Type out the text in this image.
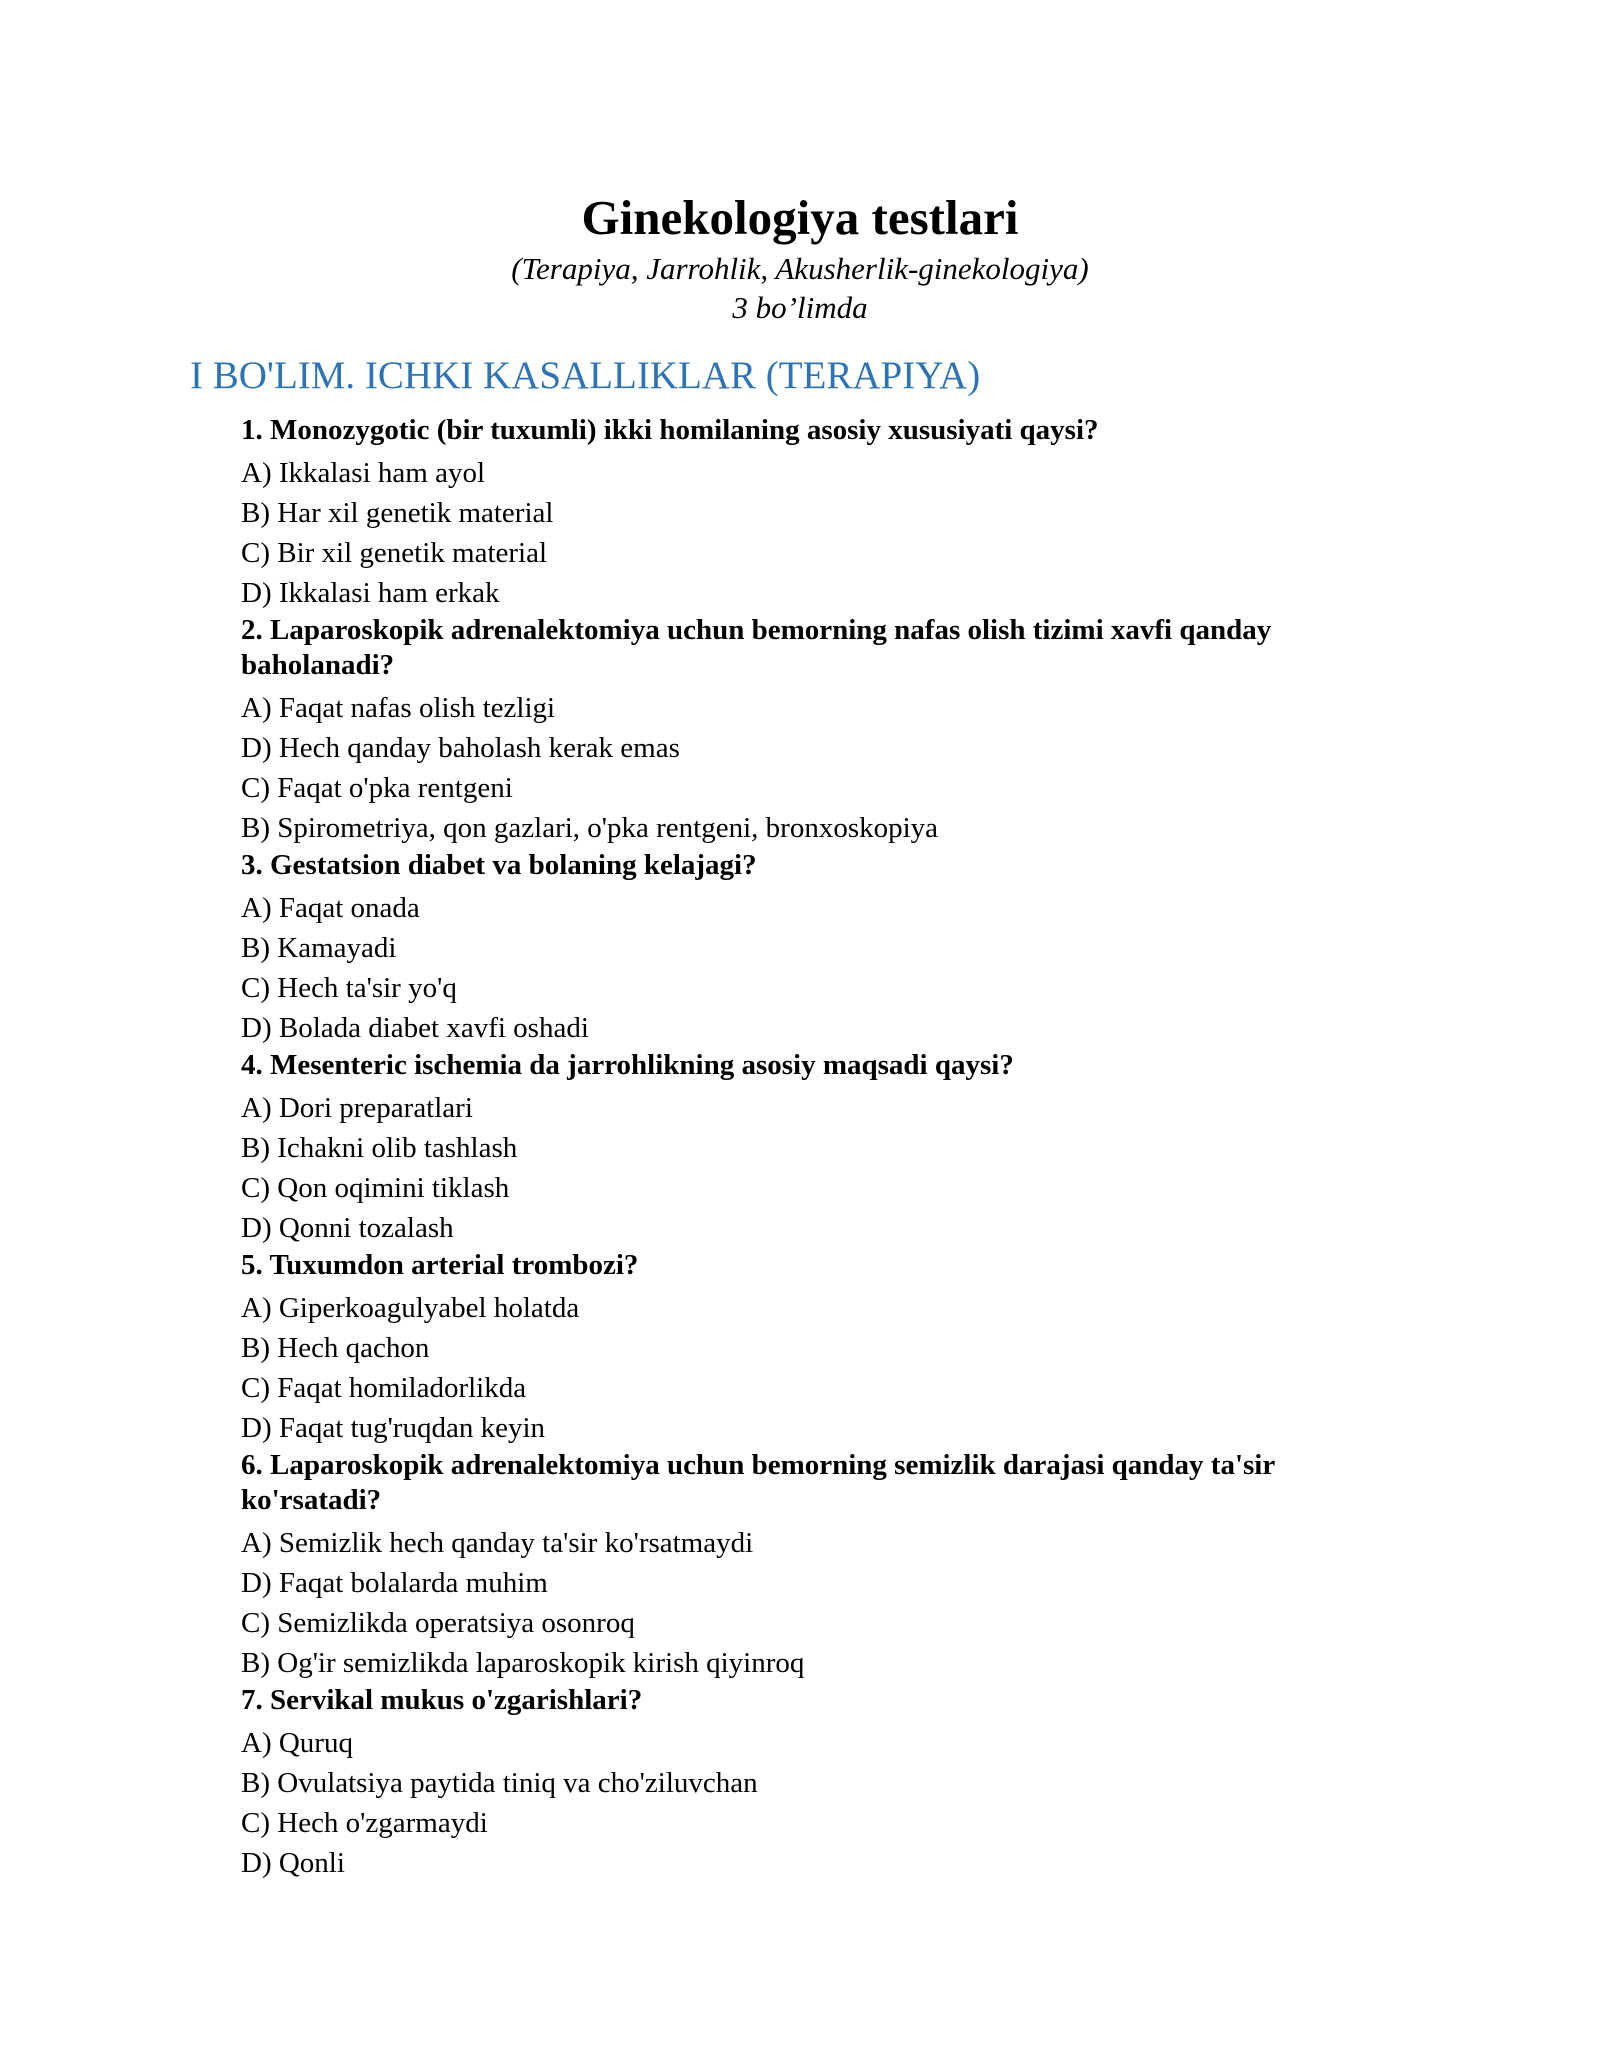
Ginekologiya testlari
(Terapiya, Jarrohlik, Akusherlik-ginekologiya)
3 bo’limda
I BO'LIM. ICHKI KASALLIKLAR (TERAPIYA)
1. Monozygotic (bir tuxumli) ikki homilaning asosiy xususiyati qaysi?
A) Ikkalasi ham ayol
B) Har xil genetik material
C) Bir xil genetik material
D) Ikkalasi ham erkak
2. Laparoskopik adrenalektomiya uchun bemorning nafas olish tizimi xavfi qanday baholanadi?
A) Faqat nafas olish tezligi
D) Hech qanday baholash kerak emas
C) Faqat o'pka rentgeni
B) Spirometriya, qon gazlari, o'pka rentgeni, bronxoskopiya
3. Gestatsion diabet va bolaning kelajagi?
A) Faqat onada
B) Kamayadi
C) Hech ta'sir yo'q
D) Bolada diabet xavfi oshadi
4. Mesenteric ischemia da jarrohlikning asosiy maqsadi qaysi?
A) Dori preparatlari
B) Ichakni olib tashlash
C) Qon oqimini tiklash
D) Qonni tozalash
5. Tuxumdon arterial trombozi?
A) Giperkoagulyabel holatda
B) Hech qachon
C) Faqat homiladorlikda
D) Faqat tug'ruqdan keyin
6. Laparoskopik adrenalektomiya uchun bemorning semizlik darajasi qanday ta'sir ko'rsatadi?
A) Semizlik hech qanday ta'sir ko'rsatmaydi
D) Faqat bolalarda muhim
C) Semizlikda operatsiya osonroq
B) Og'ir semizlikda laparoskopik kirish qiyinroq
7. Servikal mukus o'zgarishlari?
A) Quruq
B) Ovulatsiya paytida tiniq va cho'ziluvchan
C) Hech o'zgarmaydi
D) Qonli
